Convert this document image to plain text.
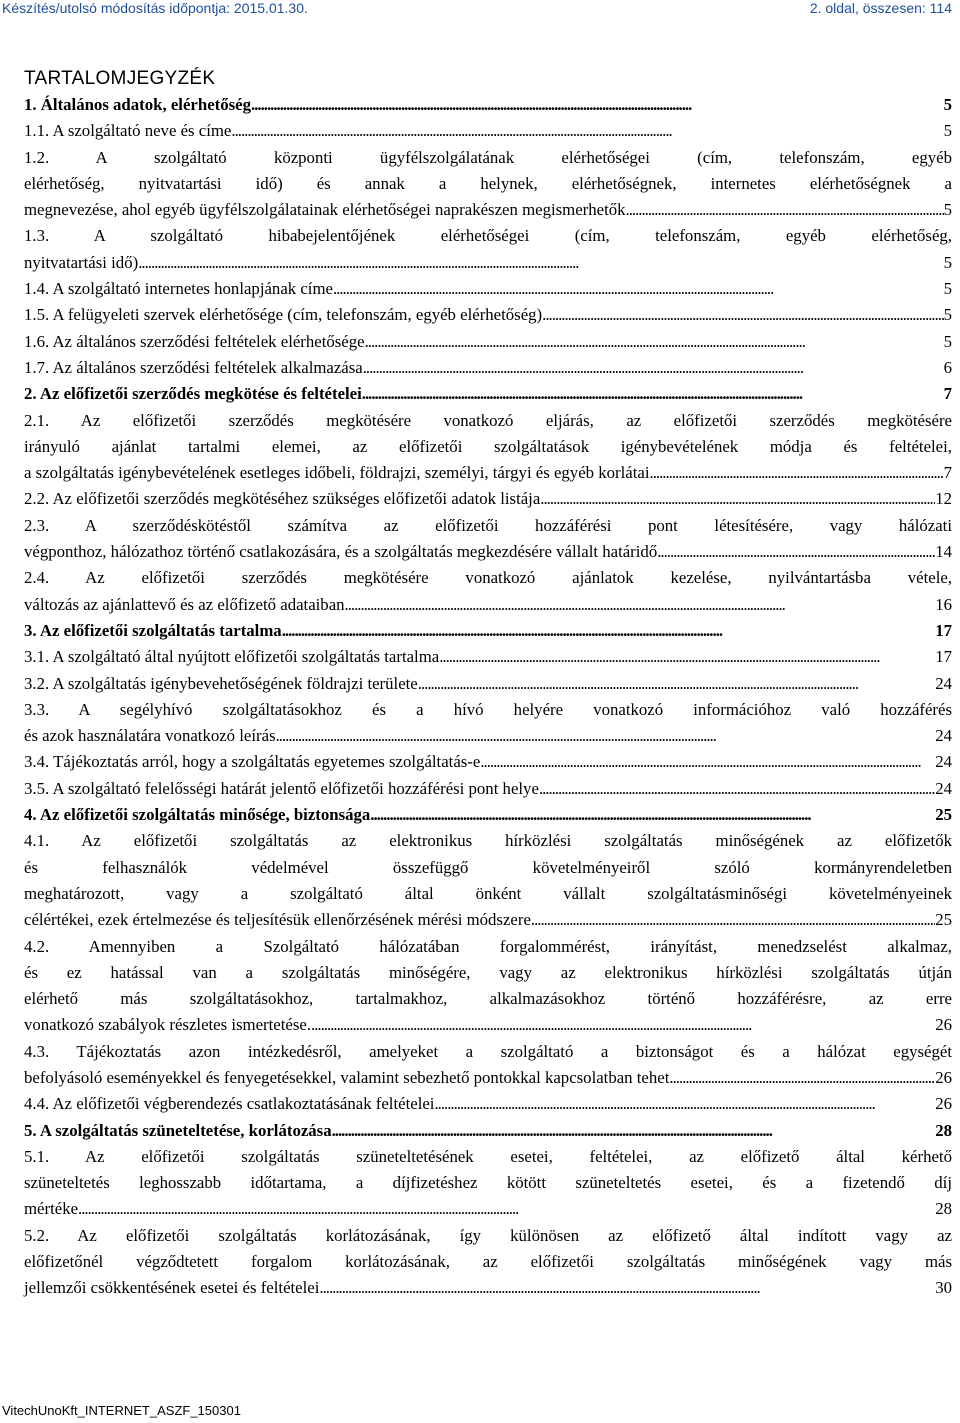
Készítés/utolsó módosítás időpontja: 2015.01.30.	2. oldal, összesen: 114
TARTALOMJEGYZÉK
1. Általános adatok, elérhetőség . . .	5
1.1. A szolgáltató neve és címe . . .	5
1.2. A szolgáltató központi ügyfélszolgálatának elérhetőségei (cím, telefonszám, egyéb
elérhetőség, nyitvatartási idő) és annak a helynek, elérhetőségnek, internetes elérhetőségnek a
megnevezése, ahol egyéb ügyfélszolgálatainak elérhetőségei naprakészen megismerhetők . . .	5
1.3. A szolgáltató hibabejelentőjének elérhetőségei (cím, telefonszám, egyéb elérhetőség,
nyitvatartási idő) . . .	5
1.4. A szolgáltató internetes honlapjának címe . . .	5
1.5. A felügyeleti szervek elérhetősége (cím, telefonszám, egyéb elérhetőség) . . .	5
1.6. Az általános szerződési feltételek elérhetősége . . .	5
1.7. Az általános szerződési feltételek alkalmazása . . .	6
2. Az előfizetői szerződés megkötése és feltételei . . .	7
2.1. Az előfizetői szerződés megkötésére vonatkozó eljárás, az előfizetői szerződés megkötésére
irányuló ajánlat tartalmi elemei, az előfizetői szolgáltatások igénybevételének módja és feltételei,
a szolgáltatás igénybevételének esetleges időbeli, földrajzi, személyi, tárgyi és egyéb korlátai . . .	7
2.2. Az előfizetői szerződés megkötéséhez szükséges előfizetői adatok listája . . .	12
2.3. A szerződéskötéstől számítva az előfizetői hozzáférési pont létesítésére, vagy hálózati
végponthoz, hálózathoz történő csatlakozására, és a szolgáltatás megkezdésére vállalt határidő . . .	14
2.4. Az előfizetői szerződés megkötésére vonatkozó ajánlatok kezelése, nyilvántartásba vétele,
változás az ajánlattevő és az előfizető adataiban . . .	16
3. Az előfizetői szolgáltatás tartalma . . .	17
3.1. A szolgáltató által nyújtott előfizetői szolgáltatás tartalma . . .	17
3.2. A szolgáltatás igénybevehetőségének földrajzi területe . . .	24
3.3. A segélyhívó szolgáltatásokhoz és a hívó helyére vonatkozó információhoz való hozzáférés
és azok használatára vonatkozó leírás . . .	24
3.4. Tájékoztatás arról, hogy a szolgáltatás egyetemes szolgáltatás-e . . .	24
3.5. A szolgáltató felelősségi határát jelentő előfizetői hozzáférési pont helye . . .	24
4. Az előfizetői szolgáltatás minősége, biztonsága . . .	25
4.1. Az előfizetői szolgáltatás az elektronikus hírközlési szolgáltatás minőségének az előfizetők
és felhasználók védelmével összefüggő követelményeiről szóló kormányrendeletben
meghatározott, vagy a szolgáltató által önként vállalt szolgáltatásminőségi követelményeinek
célértékei, ezek értelmezése és teljesítésük ellenőrzésének mérési módszere . . .	25
4.2. Amennyiben a Szolgáltató hálózatában forgalommérést, irányítást, menedzselést alkalmaz,
és ez hatással van a szolgáltatás minőségére, vagy az elektronikus hírközlési szolgáltatás útján
elérhető más szolgáltatásokhoz, tartalmakhoz, alkalmazásokhoz történő hozzáférésre, az erre
vonatkozó szabályok részletes ismertetése. . . .	26
4.3. Tájékoztatás azon intézkedésről, amelyeket a szolgáltató a biztonságot és a hálózat egységét
befolyásoló eseményekkel és fenyegetésekkel, valamint sebezhető pontokkal kapcsolatban tehet . . .	26
4.4. Az előfizetői végberendezés csatlakoztatásának feltételei . . .	26
5. A szolgáltatás szüneteltetése, korlátozása . . .	28
5.1. Az előfizetői szolgáltatás szüneteltetésének esetei, feltételei, az előfizető által kérhető
szüneteltetés leghosszabb időtartama, a díjfizetéshez kötött szüneteltetés esetei, és a fizetendő díj
mértéke . . .	28
5.2. Az előfizetői szolgáltatás korlátozásának, így különösen az előfizető által indított vagy az
előfizetőnél végződtetett forgalom korlátozásának, az előfizetői szolgáltatás minőségének vagy más
jellemzői csökkentésének esetei és feltételei . . .	30
VitechUnoKft_INTERNET_ASZF_150301
